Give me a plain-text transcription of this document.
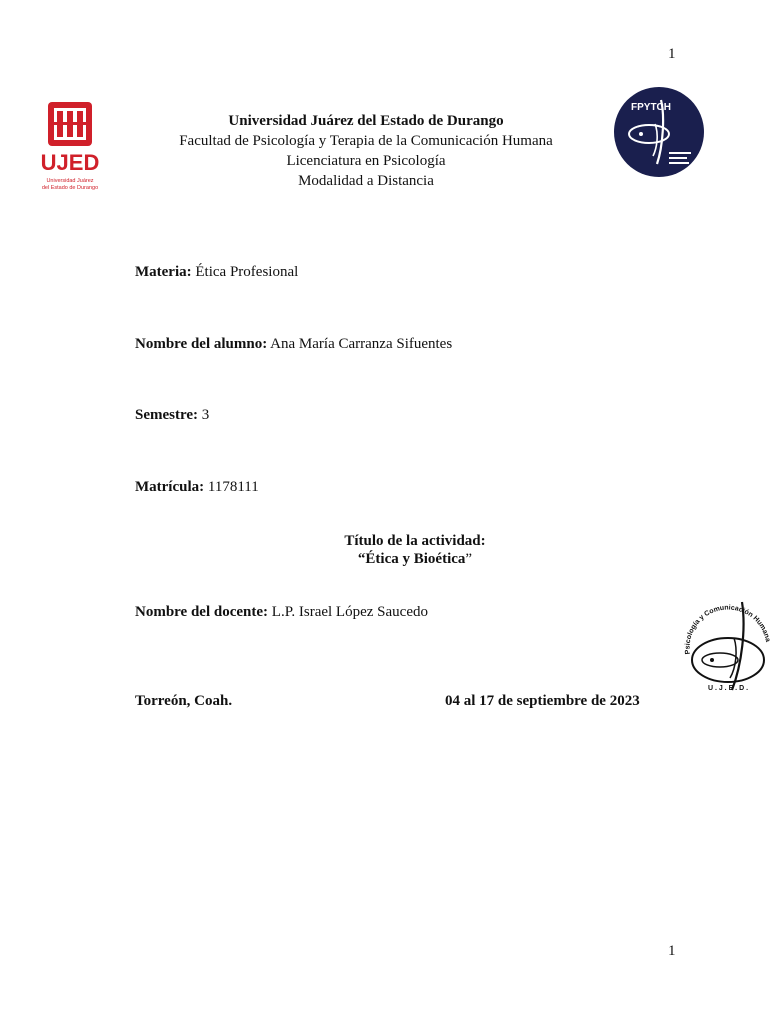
1
UJED
Universidad Juárez
del Estado de Durango
FPYTCH
Universidad Juárez del Estado de Durango
Facultad de Psicología y Terapia de la Comunicación Humana
Licenciatura en Psicología
Modalidad a Distancia
Materia: Ética Profesional
Nombre del alumno: Ana María Carranza Sifuentes
Semestre: 3
Matrícula: 1178111
Título de la actividad:
“Ética y Bioética”
Nombre del docente: L.P. Israel López Saucedo
Psicología y Comunicación Humana
U . J . E . D .
Torreón, Coah.	04 al 17 de septiembre de 2023
1
